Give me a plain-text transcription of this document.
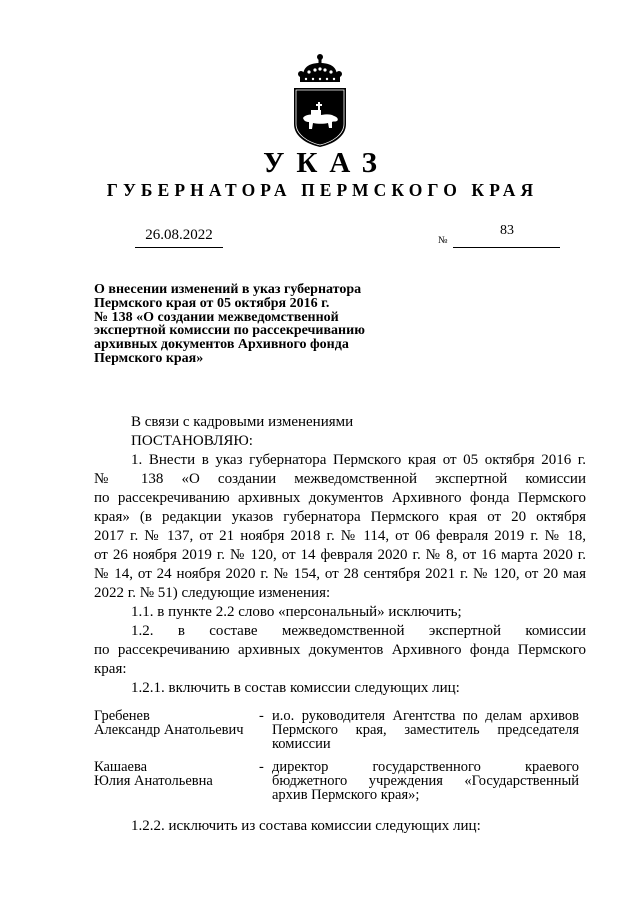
УКАЗ
ГУБЕРНАТОРА ПЕРМСКОГО КРАЯ
26.08.2022	№
83
О внесении изменений в указ губернатора
Пермского края от 05 октября 2016 г.
№ 138 «О создании межведомственной
экспертной комиссии по рассекречиванию
архивных документов Архивного фонда
Пермского края»
В связи с кадровыми изменениями
ПОСТАНОВЛЯЮ:
1. Внести в указ губернатора Пермского края от 05 октября 2016 г.
№ 138 «О создании межведомственной экспертной комиссии
по рассекречиванию архивных документов Архивного фонда Пермского
края» (в редакции указов губернатора Пермского края от 20 октября
2017 г. № 137, от 21 ноября 2018 г. № 114, от 06 февраля 2019 г. № 18,
от 26 ноября 2019 г. № 120, от 14 февраля 2020 г. № 8, от 16 марта 2020 г.
№ 14, от 24 ноября 2020 г. № 154, от 28 сентября 2021 г. № 120, от 20 мая
2022 г. № 51) следующие изменения:
1.1. в пункте 2.2 слово «персональный» исключить;
1.2. в составе межведомственной экспертной комиссии
по рассекречиванию архивных документов Архивного фонда Пермского
края:
1.2.1. включить в состав комиссии следующих лиц:
Гребенев
Александр Анатольевич
- и.о. руководителя Агентства по делам архивов
Пермского края, заместитель председателя
комиссии
Кашаева
Юлия Анатольевна
- директор государственного краевого
бюджетного учреждения «Государственный
архив Пермского края»;
1.2.2. исключить из состава комиссии следующих лиц:
